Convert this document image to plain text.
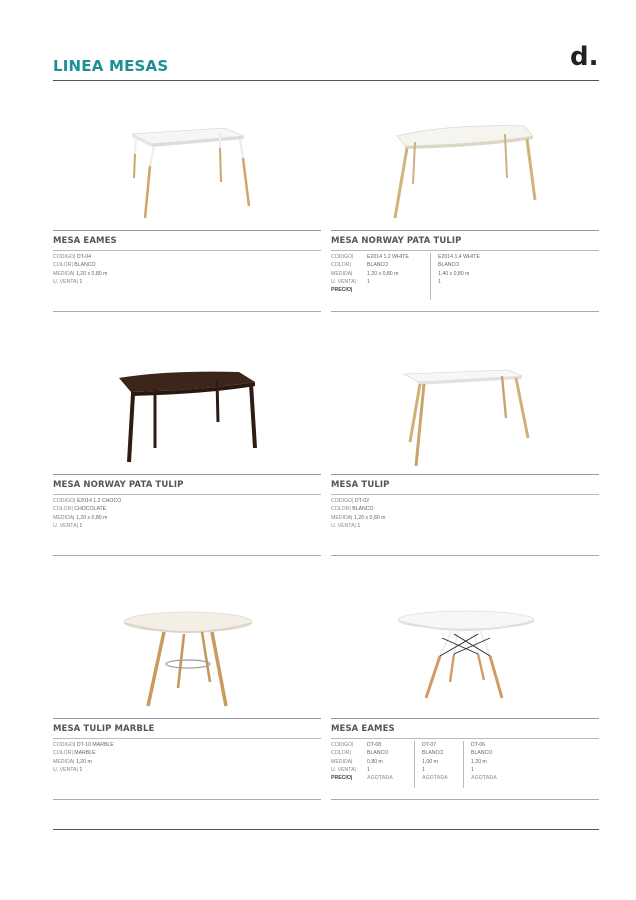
LINEA MESAS	d.
MESA EAMES
CODIGO|
DT-04
COLOR|
BLANCO
MEDIDA|
1,20 x 0,80 m
U. VENTA|
1
MESA NORWAY PATA TULIP
CODIGO|
COLOR|
MEDIDA|
U. VENTA|
PRECIO|
E2014 1.2 WHITE
BLANCO
1,20 x 0,80 m
1
E2014 1.4 WHITE
BLANCO
1,40 x 0,80 m
1
MESA NORWAY PATA TULIP
CODIGO|
E2014 1.2 CHOCO
COLOR|
CHOCOLATE
MEDIDA|
1,20 x 0,80 m
U. VENTA|
1
MESA TULIP
CODIGO|
DT-02
COLOR|
BLANCO
MEDIDA|
1,20 x 0,80 m
U. VENTA|
1
MESA TULIP MARBLE
CODIGO|
DT-10 MARBLE
COLOR|
MARBLE
MEDIDA|
1,20 m
U. VENTA|
1
MESA EAMES
CODIGO|
COLOR|
MEDIDA|
U. VENTA|
PRECIO|
DT-08
BLANCO
0,80 m
1
AGOTADA
DT-07
BLANCO
1,00 m
1
AGOTADA
DT-06
BLANCO
1,20 m
1
AGOTADA
